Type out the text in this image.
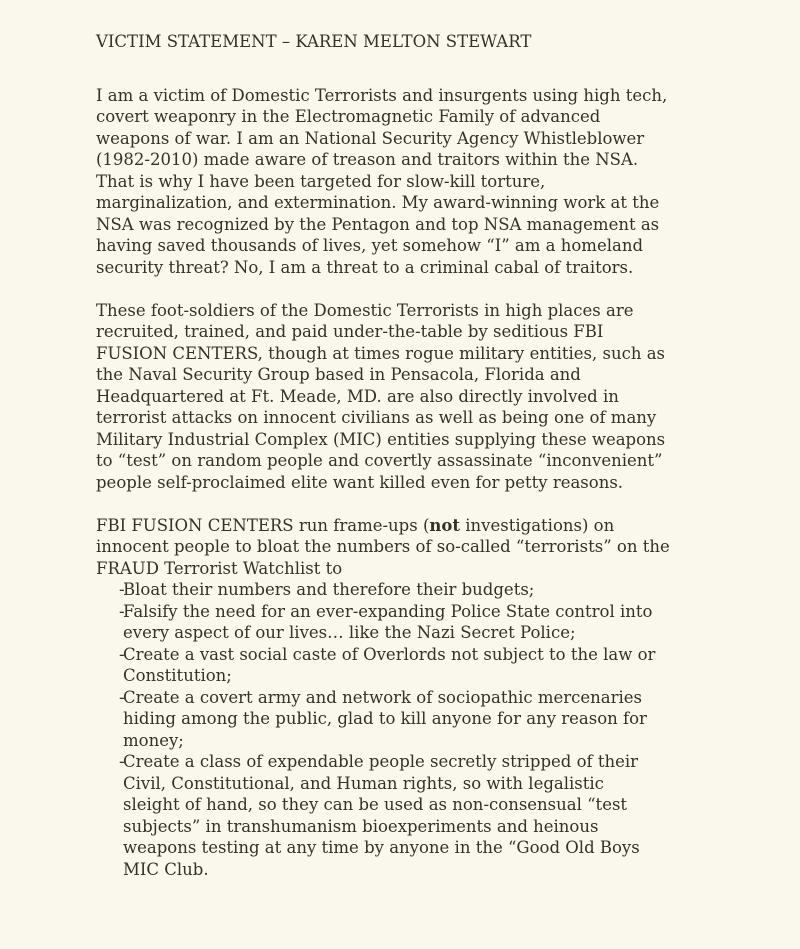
VICTIM STATEMENT – KAREN MELTON STEWART
I am a victim of Domestic Terrorists and insurgents using high tech,
covert weaponry in the Electromagnetic Family of advanced
weapons of war. I am an National Security Agency Whistleblower
(1982-2010) made aware of treason and traitors within the NSA.
That is why I have been targeted for slow-kill torture,
marginalization, and extermination. My award-winning work at the
NSA was recognized by the Pentagon and top NSA management as
having saved thousands of lives, yet somehow “I” am a homeland
security threat? No, I am a threat to a criminal cabal of traitors.
These foot-soldiers of the Domestic Terrorists in high places are
recruited, trained, and paid under-the-table by seditious FBI
FUSION CENTERS, though at times rogue military entities, such as
the Naval Security Group based in Pensacola, Florida and
Headquartered at Ft. Meade, MD. are also directly involved in
terrorist attacks on innocent civilians as well as being one of many
Military Industrial Complex (MIC) entities supplying these weapons
to “test” on random people and covertly assassinate “inconvenient”
people self-proclaimed elite want killed even for petty reasons.
FBI FUSION CENTERS run frame-ups (not investigations) on
innocent people to bloat the numbers of so-called “terrorists” on the
FRAUD Terrorist Watchlist to
-
Bloat their numbers and therefore their budgets;
-
Falsify the need for an ever-expanding Police State control into
every aspect of our lives… like the Nazi Secret Police;
-
Create a vast social caste of Overlords not subject to the law or
Constitution;
-
Create a covert army and network of sociopathic mercenaries
hiding among the public, glad to kill anyone for any reason for
money;
-
Create a class of expendable people secretly stripped of their
Civil, Constitutional, and Human rights, so with legalistic
sleight of hand, so they can be used as non-consensual “test
subjects” in transhumanism bioexperiments and heinous
weapons testing at any time by anyone in the “Good Old Boys
MIC Club.
